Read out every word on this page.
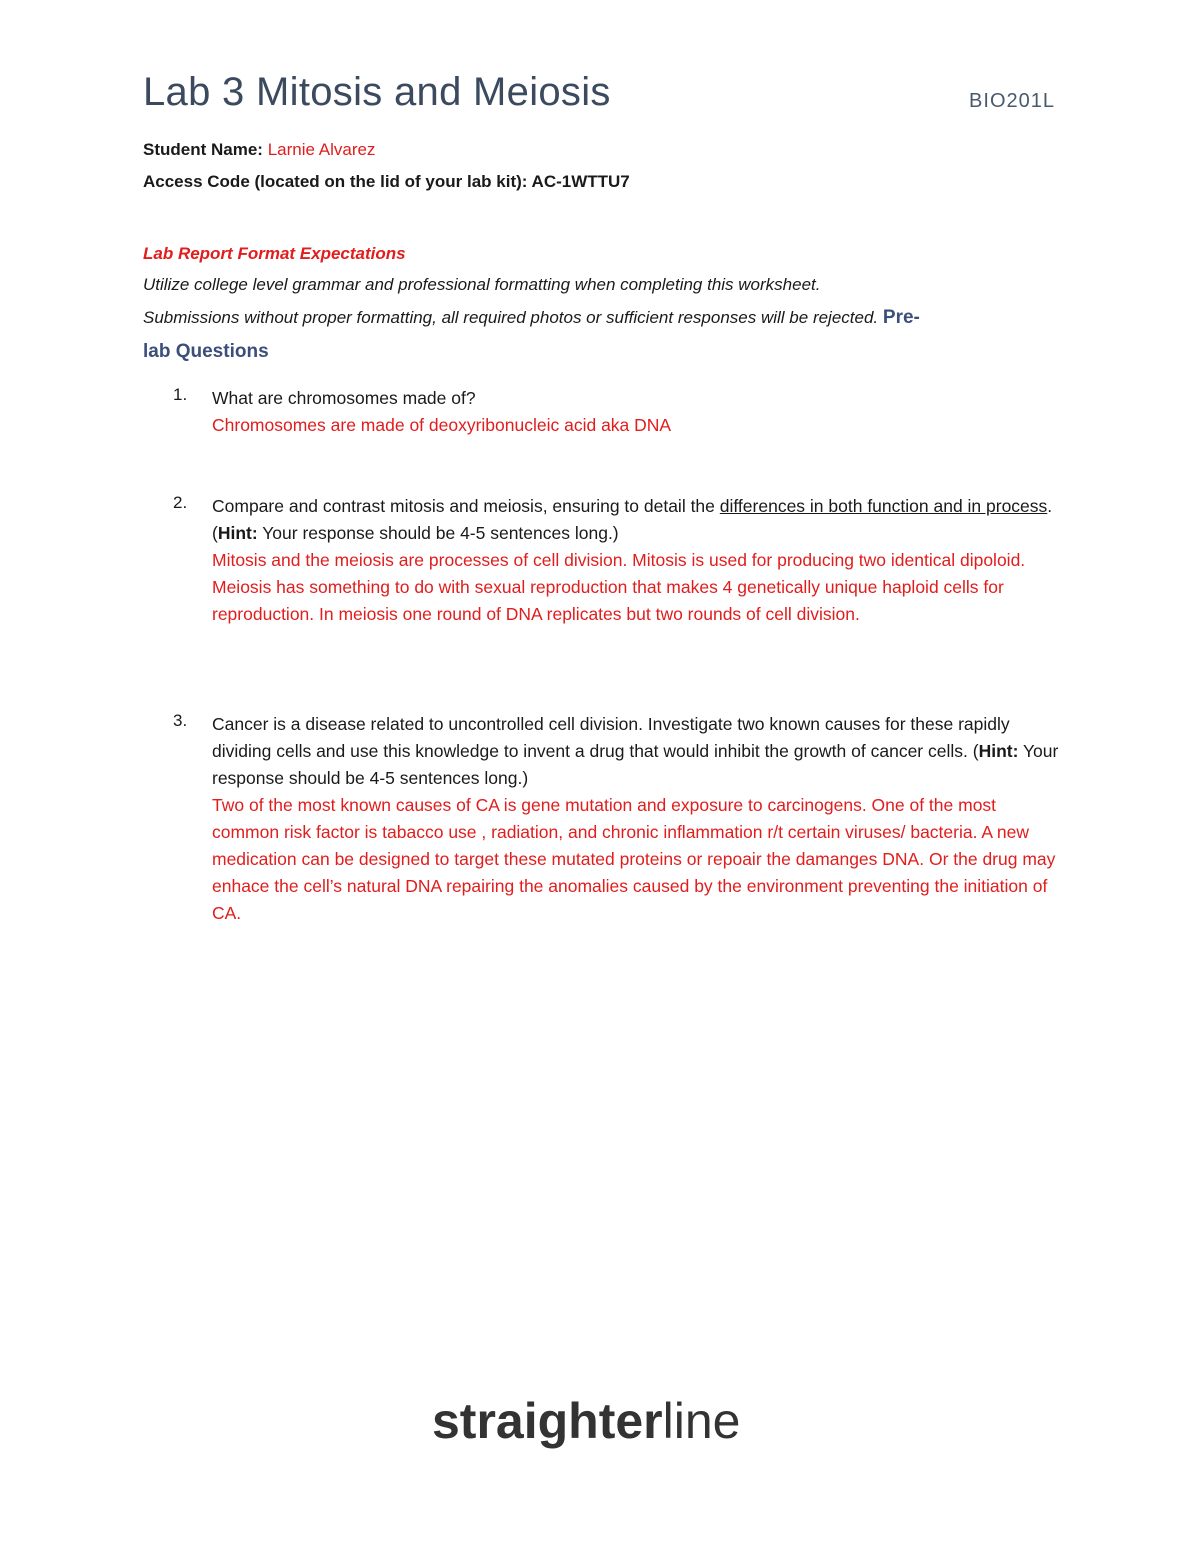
Lab 3 Mitosis and Meiosis	BIO201L
Student Name: Larnie Alvarez
Access Code (located on the lid of your lab kit): AC-1WTTU7
Lab Report Format Expectations
Utilize college level grammar and professional formatting when completing this worksheet.
Submissions without proper formatting, all required photos or sufficient responses will be rejected. Pre-
lab Questions
1. What are chromosomes made of?
Chromosomes are made of deoxyribonucleic acid aka DNA
2. Compare and contrast mitosis and meiosis, ensuring to detail the differences in both function and in process. (Hint: Your response should be 4-5 sentences long.)
Mitosis and the meiosis are processes of cell division. Mitosis is used for producing two identical dipoloid. Meiosis has something to do with sexual reproduction that makes 4 genetically unique haploid cells for reproduction. In meiosis one round of DNA replicates but two rounds of cell division.
3. Cancer is a disease related to uncontrolled cell division. Investigate two known causes for these rapidly dividing cells and use this knowledge to invent a drug that would inhibit the growth of cancer cells. (Hint: Your response should be 4-5 sentences long.)
Two of the most known causes of CA is gene mutation and exposure to carcinogens. One of the most common risk factor is tabacco use , radiation, and chronic inflammation r/t certain viruses/ bacteria. A new medication can be designed to target these mutated proteins or repoair the damanges DNA. Or the drug may enhace the cell’s natural DNA repairing the anomalies caused by the environment preventing the initiation of CA.
straighterline
